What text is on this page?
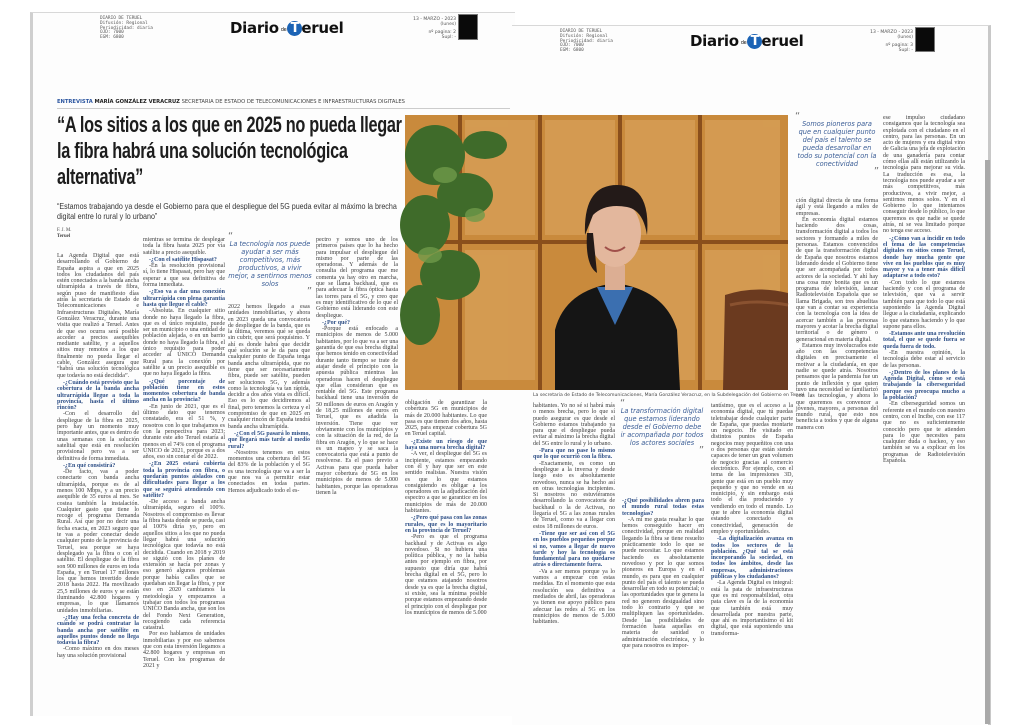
DIARIO DE TERUEL
Difusión: Regional
Periodicidad: diaria
OJD: 7000
EGM: 6800
Diario de T eruel	13 - MARZO - 2023
(lunes)
nº pagina: 2
Supl: -
DIARIO DE TERUEL
Difusión: Regional
Periodicidad: diaria
OJD: 7000
EGM: 6800
Diario de T eruel	13 - MARZO - 2023
(lunes)
nº pagina: 3
Supl: -
ENTREVISTA MARÍA GONZÁLEZ VERACRUZ SECRETARIA DE ESTADO DE TELECOMUNICACIONES E INFRAESTRUCTURAS DIGITALES
“A los sitios a los que en 2025 no pueda llegar la fibra habrá una solución tecnológica alternativa”
“Estamos trabajando ya desde el Gobierno para que el despliegue del 5G pueda evitar al máximo la brecha digital entre lo rural y lo urbano”
F. J. M.
Teruel
La secretaria de Estado de Telecomunicaciones, María González Veracruz, en la Subdelegación del Gobierno en Teruel
“
La tecnología nos puede ayudar a ser más competitivos, más productivos, a vivir mejor, a sentirnos menos solos
”
“
La transformación digital que estamos liderando desde el Gobierno debe ir acompañada por todos los actores sociales
”
“
Somos pioneros para que en cualquier punto del país el talento se pueda desarrollar en todo su potencial con la conectividad
”

La Agenda Digital que está desarrollando el Gobierno de España aspira a que en 2025 todos los ciudadanos del país estén conectados a la banda ancha ultrarrápida a través de fibra, según puso de manifiesto días atrás la secretaria de Estado de Telecomunicaciones e Infraestructuras Digitales, María González Veracruz, durante una visita que realizó a Teruel. Antes de que eso ocurra será posible acceder a precios asequibles mediante satélite, y a aquellos sitios muy remotos a los que finalmente no pueda llegar el cable, González asegura que “habrá una solución tecnológica que todavía no está decidida”.

-¿Cuándo está previsto que la cobertura de la banda ancha ultrarrápida llegue a toda la provincia, hasta el último rincón?

-Con el desarrollo del despliegue de la fibra en 2025, pero hay un momento muy importante antes, que es dentro de unas semanas con la solución satelital que está en resolución provisional pero va a ser definitiva de forma inmediata.

-¿En qué consistirá?

-De facto, vas a poder conectarte con banda ancha ultrarrápida, porque es de al menos 100 Mbps, y a un precio asequible de 35 euros al mes. Se costea también la instalación. Cualquier gasto que tiene lo recoge el programa Demanda Rural. Así que por no decir una fecha exacta, en 2023 seguro que te vas a poder conectar desde cualquier punto de la provincia de Teruel, sea porque se haya desplegado ya la fibra o con el satélite. El despliegue de la fibra son 900 millones de euros en toda España, y en Teruel 17 millones los que hemos invertido desde 2018 hasta 2022. Ha movilizado 25,5 millones de euros y se están iluminando 42.800 hogares y empresas, lo que llamamos unidades inmobiliarias.

-¿Hay una fecha concreta de cuándo se podrá contratar la banda ancha por satélite en aquellos puntos donde no llega todavía la fibra?

-Como máximo en dos meses hay una solución provisional

mientras se termina de desplegar toda la fibra hasta 2025 por vía satélite a precio asequible.

-¿Con el satélite Hispasat?

-En la resolución provisional sí, lo tiene Hispasat, pero hay que esperar a que sea definitiva de forma inmediata.

-¿Eso va a dar una conexión ultrarrápida con plena garantía hasta que llegue el cable?

-Absoluta. En cualquier sitio donde no haya llegado la fibra, que es el único requisito, puede ser un municipio o una entidad de población alejada, o en un barrio donde no haya llegado la fibra, el único requisito para poder acceder al ÚNICO Demanda Rural para la conexión por satélite a un precio asequible es que no haya llegado la fibra.

-¿Qué porcentaje de población tiene en estos momentos cobertura de banda ancha en la provincia?

-En junio de 2021, que es el último dato que tenemos constatado, era el 51 %, y nosotros con lo que trabajamos es con la perspectiva para 2023; durante este año Teruel estaría al menos en el 74% con el programa ÚNICO de 2021, porque es a dos años, eso sin contar el de 2022.

-¿En 2025 estará cubierta toda la provincia con fibra, o quedarán puntos aislados con dificultades para llegar a los que se seguirá atendiendo con satélite?

-De acceso a banda ancha ultrarrápida, seguro el 100%. Nosotros el compromiso es llevar la fibra hasta donde se pueda, casi al 100% diría yo, pero en aquellos sitios a los que no pueda llegar habrá una solución tecnológica que todavía no está decidida. Cuando en 2018 y 2019 se siguió con los planes de extensión se hacía por zonas y eso generó algunos problemas porque había calles que se quedaban sin llegar la fibra, y por eso en 2020 cambiamos la metodología y empezamos a trabajar con todos los programas ÚNICO Banda ancha, que son los del Fondo Next Generation, recogiendo cada referencia catastral.

Por eso hablamos de unidades inmobiliarias y por eso sabemos que con esta inversión llegamos a 42.800 hogares y empresas en Teruel. Con los programas de 2021 y

2022 hemos llegado a esas unidades inmobiliarias, y ahora en 2023 queda una convocatoria de despliegue de la banda, que es la última, veremos qué se queda sin cubrir, que será poquísimo. Y ahí es donde habrá que decidir qué solución se le da para que cualquier punto de España tenga banda ancha ultrarrápida, que no tiene que ser necesariamente fibra, puede ser satélite, pueden ser soluciones 5G, y además como la tecnología va tan rápida, decidir a dos años vista es difícil. Eso es lo que decidiremos al final, pero tenemos la certeza y el compromiso de que en 2025 en cualquier rincón de España tendrá banda ancha ultrarrápida.

-¿Con el 5G pasará lo mismo, que llegará más tarde al medio rural?

-Nosotros tenemos en estos momentos una cobertura del 5G del 83% de la población y el 5G es una tecnología que va a ser la que nos va a permitir estar conectados en todas partes. Hemos adjudicado todo el es-

pectro y somos uno de los primeros países que lo ha hecho para impulsar el despliegue del mismo por parte de las operadoras. Y además de la consulta del programa que me comenta ya hay otro en marcha, que se llama backhaul, que es para adecuar la fibra óptica hasta las torres para el 5G, y creo que es muy identificativo de lo que el Gobierno está liderando con este despliegue.

-¿Por qué?

-Porque está enfocado a municipios de menos de 5.000 habitantes, por lo que va a ser una garantía de que esa brecha digital que hemos tenido en conectividad durante tanto tiempo se trate de atajar desde el principio con la apuesta pública mientras las operadoras hacen el despliegue que ellas consideran que es rentable del 5G. Este programa backhaul tiene una inversión de 50 millones de euros en Aragón y de 18,25 millones de euros en Teruel, que es añadida la inversión. Tiene que ver obviamente con los municipios y con la situación de la red, de la fibra en Aragón, y lo que se hace es un mapeo y se saca la convocatoria que está a punto de resolverse. Es el paso previo a Activas para que pueda haber mayor cobertura de 5G en los municipios de menos de 5.000 habitantes, porque las operadoras tienen la

obligación de garantizar la cobertura 5G en municipios de más de 20.000 habitantes. Lo que pasa es que tienen dos años, hasta 2025, para empezar cobertura 5G en Teruel capital.

-¿Existe un riesgo de que haya una nueva brecha digital?

-A ver, el despliegue del 5G es incipiente, estamos empezando con él y hay que ser en este sentido realistas. Nuestra visión es que lo que estamos consiguiendo es obligar a los operadores en la adjudicación del espectro a que se garantice en los municipios de más de 20.000 habitantes.

-¿Pero qué pasa con las zonas rurales, que es lo mayoritario en la provincia de Teruel?

-Pero es que el programa backhaul y de Activas es algo novedoso. Si no hubiera una política pública, y no la había antes por ejemplo en fibra, por supuesto que diría que habrá brecha digital en el 5G, pero lo que estamos atajando nosotros desde ya es que la brecha digital, si existe, sea la mínima posible porque estamos empezando desde el principio con el despliegue por los municipios de menos de 5.000

habitantes. Yo no sé si habrá más o menos brecha, pero lo que sí puedo asegurar es que desde el Gobierno estamos trabajando ya para que el despliegue pueda evitar al máximo la brecha digital del 5G entre lo rural y lo urbano.

-Para que no pase lo mismo que lo que ocurrió con la fibra.

-Exactamente, es como un despliegue a la inversa y desde luego esto es absolutamente novedoso, nunca se ha hecho así en otras tecnologías incipientes. Si nosotros no estuviéramos desarrollando la convocatoria de backhaul o la de Activas, no llegaría el 5G a las zonas rurales de Teruel, como va a llegar con estos 18 millones de euros.

-Tiene que ser así con el 5G en los pueblos pequeños porque si no, vamos a llegar de nuevo tarde y hoy la tecnología es fundamental para no quedarse atrás o directamente fuera.

-Va a ser menos porque ya lo vamos a empezar con estas medidas. En el momento que esta resolución sea definitiva a mediados de abril, las operadoras ya tienen ese apoyo público para adecuar las redes al 5G en los municipios de menos de 5.000 habitantes.

-¿Qué posibilidades abren para el mundo rural todas estas tecnologías?

-A mí me gusta resaltar lo que hemos conseguido hacer en conectividad, porque en realidad llegando la fibra se tiene resuelto prácticamente todo lo que se puede necesitar. Lo que estamos haciendo es absolutamente novedoso y por lo que somos pioneros en Europa y en el mundo, es para que en cualquier punto del país el talento se pueda desarrollar en todo su potencial; o las oportunidades que te genera la red no generen desigualdad sino todo lo contrario y que se multipliquen las oportunidades. Desde las posibilidades de formación hasta aquellas en materia de sanidad o administración electrónica, y lo que para nosotros es impor-

tantísimo, que es el acceso a la economía digital, que tú puedas teletrabajar desde cualquier parte de España, que puedas montarte un negocio. He visitado en distintos puntos de España negocios muy pequeñitos con una o dos personas que están siendo capaces de tener un gran volumen de negocio gracias al comercio electrónico. Por ejemplo, con el tema de las impresiones 3D, gente que está en un pueblo muy pequeño y que no vende en su municipio, y sin embargo está todo el día produciendo y vendiendo en todo el mundo. Lo que te abre la economía digital estando conectado es conectividad, generación de empleo y oportunidades.

-La digitalización avanza en todos los sectores de la población. ¿Qué tal se está incorporando la sociedad, en todos los ámbitos, desde las empresas, administraciones públicas y los ciudadanos?

-La Agenda Digital es integral: está la pata de infraestructuras que es mi responsabilidad, otra pata clave es la de la economía que también está muy desarrollada por nuestra parte, que ahí es importantísimo el kit digital, que está suponiendo una transforma-

ción digital directa de una forma ágil y está llegando a miles de empresas.

En economía digital estamos haciendo dos cosas, transformación digital a todos los sectores y formando a miles de personas. Estamos convencidos de que la transformación digital de España que nosotros estamos liderando desde el Gobierno tiene que ser acompañada por todos actores de la sociedad. Y ahí hay una cosa muy bonita que es un programa de televisión, lanzar Radiotelevisión Española que se llama Brigada, son tres abuelitas que van a contar su experiencia con la tecnología con la idea de acercar también a las personas mayores y acotar la brecha digital territorial o de género o generacional en materia digital.

Estamos muy involucrados este año con las competencias digitales en precisamente el motivar a la ciudadanía, en que nadie se quede atrás. Nosotros pensamos que la pandemia fue un punto de inflexión y que quien tuvo una necesidad se familiarizó con las tecnologías, y ahora lo que queremos es convencer a jóvenes, mayores, a personas del mundo rural, que esto nos beneficia a todos y que de alguna manera con

ese impulso ciudadano consigamos que la tecnología sea explotada con el ciudadano en el centro, para las personas. En un acto de mujeres y era digital vino de Galicia una jefa de explotación de una ganadería para contar cómo ellas allí están utilizando la tecnología para mejorar su vida. La traducción es esa, la tecnología nos puede ayudar a ser más competitivos, más productivos, a vivir mejor, a sentirnos menos solos. Y en el Gobierno lo que intentamos conseguir desde lo público, lo que queremos es que nadie se quede atrás, ni se vea limitado porque no tenga ese acceso.

-¿Cómo van a incidir en todo el tema de las competencias digitales en sitios como Teruel, donde hay mucha gente que vive en los pueblos que es muy mayor y va a tener más difícil adaptarse a todo esto?

-Con todo lo que estamos haciendo y con el programa de televisión, que va a servir también para que todo lo que está suponiendo la Agenda Digital llegue a la ciudadanía, explicando lo que estamos haciendo y lo que supone para ellos.

-Estamos ante una revolución total, el que se quede fuera se queda fuera de todo.

-En nuestra opinión, la tecnología debe estar al servicio de las personas.

-¿Dentro de los planes de la Agenda Digital, cómo se está trabajando la ciberseguridad porque eso preocupa mucho a la población?

-En ciberseguridad somos un referente en el mundo con nuestro centro, con el Incibe, con ese 117 que no es suficientemente conocido pero que te atienden para lo que necesites para cualquier duda o hackeo, y eso también se va a explicar en los programas de Radiotelevisión Española.
